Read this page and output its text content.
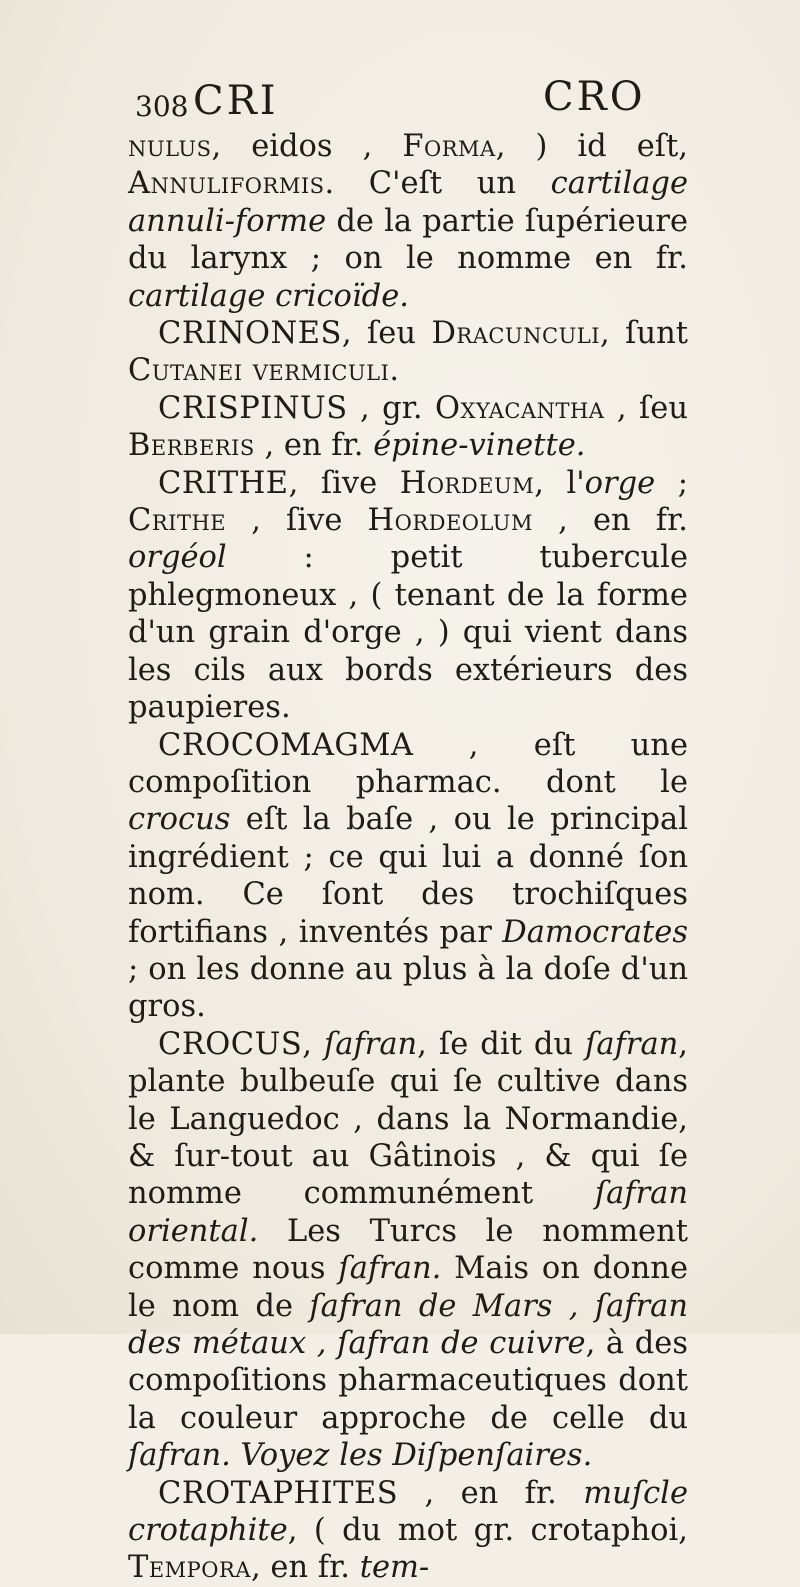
308 CRI	CRO

nulus, eidos , Forma, ) id eſt, Annuliformis. C'eſt un cartilage annuli-forme de la partie ſupérieure du larynx ; on le nomme en fr. cartilage cricoïde.

CRINONES, ſeu Dracunculi, ſunt Cutanei vermiculi.

CRISPINUS , gr. Oxyacantha , ſeu Berberis , en fr. épine-vinette.

CRITHE, ſive Hordeum, l'orge ; Crithe , ſive Hordeolum , en fr. orgéol : petit tubercule phlegmoneux , ( tenant de la forme d'un grain d'orge , ) qui vient dans les cils aux bords extérieurs des paupieres.

CROCOMAGMA , eſt une compoſition pharmac. dont le crocus eſt la baſe , ou le principal ingrédient ; ce qui lui a donné ſon nom. Ce ſont des trochiſques fortifians , inventés par Damocrates ; on les donne au plus à la doſe d'un gros.

CROCUS, ſafran, ſe dit du ſafran, plante bulbeuſe qui ſe cultive dans le Languedoc , dans la Normandie, & ſur-tout au Gâtinois , & qui ſe nomme communément ſafran oriental. Les Turcs le nomment comme nous ſafran. Mais on donne le nom de ſafran de Mars , ſafran des métaux , ſafran de cuivre, à des compoſitions pharmaceutiques dont la couleur approche de celle du ſafran. Voyez les Diſpenſaires.

CROTAPHITES , en fr. muſcle crotaphite, ( du mot gr. crotaphoi, Tempora, en fr. tem-
